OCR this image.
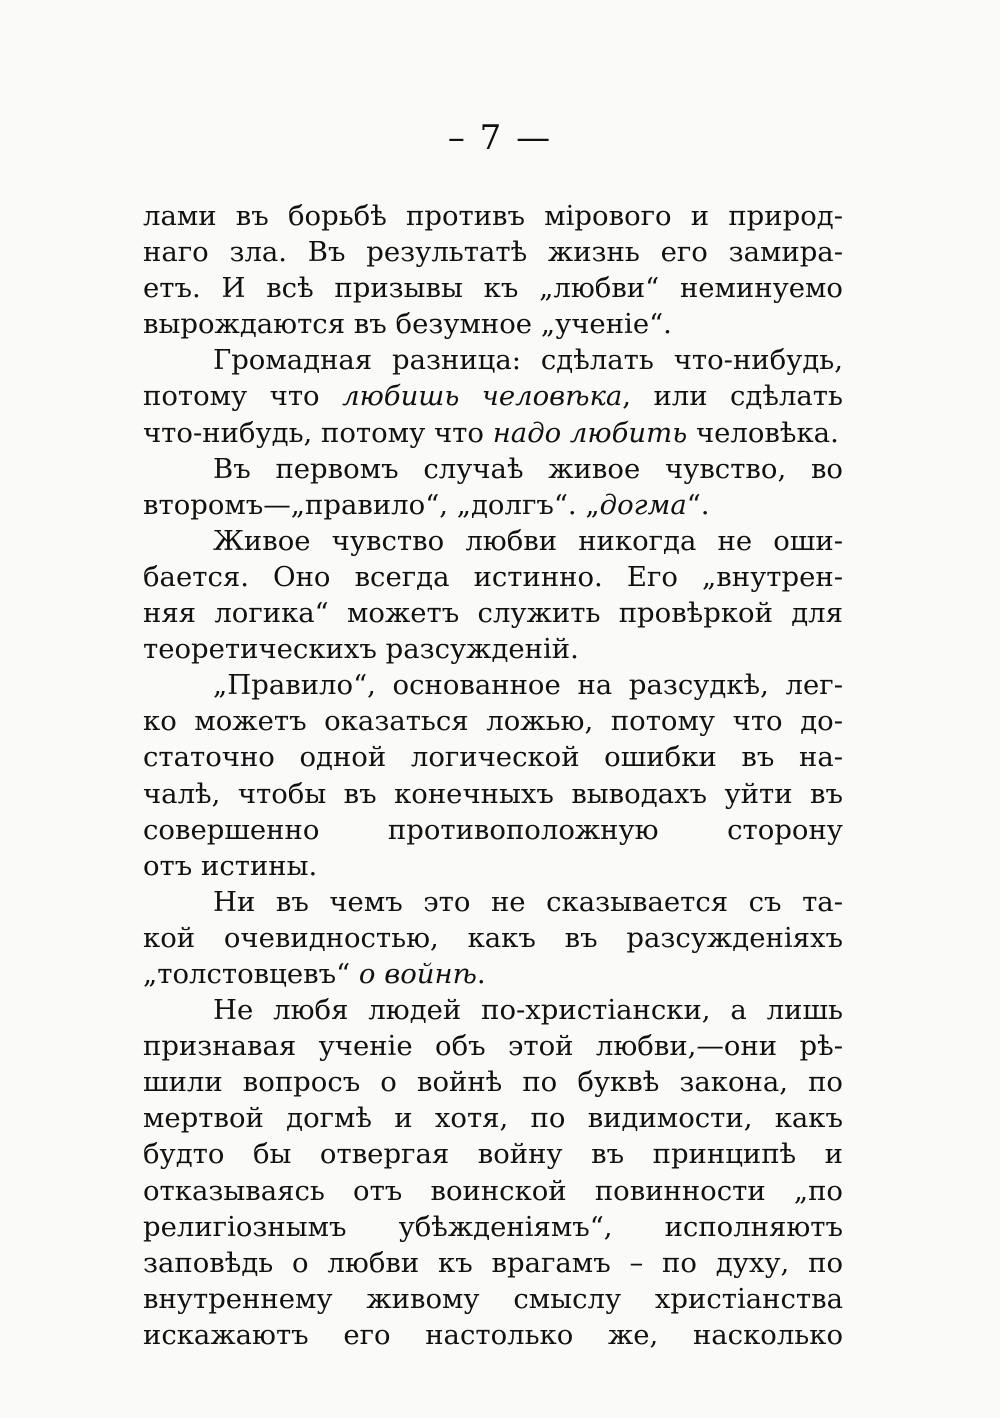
– 7 —
лами въ борьбѣ противъ мірового и природ-
наго зла. Въ результатѣ жизнь его замира-
етъ. И всѣ призывы къ „любви“ неминуемо
вырождаются въ безумное „ученіе“.
Громадная разница: сдѣлать что-нибудь,
потому что любишь человѣка, или сдѣлать
что-нибудь, потому что надо любить человѣка.
Въ первомъ случаѣ живое чувство, во
второмъ—„правило“, „долгъ“. „догма“.
Живое чувство любви никогда не оши-
бается. Оно всегда истинно. Его „внутрен-
няя логика“ можетъ служить провѣркой для
теоретическихъ разсужденій.
„Правило“, основанное на разсудкѣ, лег-
ко можетъ оказаться ложью, потому что до-
статочно одной логической ошибки въ на-
чалѣ, чтобы въ конечныхъ выводахъ уйти въ
совершенно противоположную сторону
отъ истины.
Ни въ чемъ это не сказывается съ та-
кой очевидностью, какъ въ разсужденіяхъ
„толстовцевъ“ о войнѣ.
Не любя людей по-христіански, а лишь
признавая ученіе объ этой любви,—они рѣ-
шили вопросъ о войнѣ по буквѣ закона, по
мертвой догмѣ и хотя, по видимости, какъ
будто бы отвергая войну въ принципѣ и
отказываясь отъ воинской повинности „по
религіознымъ убѣжденіямъ“, исполняютъ
заповѣдь о любви къ врагамъ – по духу, по
внутреннему живому смыслу христіанства
искажаютъ его настолько же, насколько
